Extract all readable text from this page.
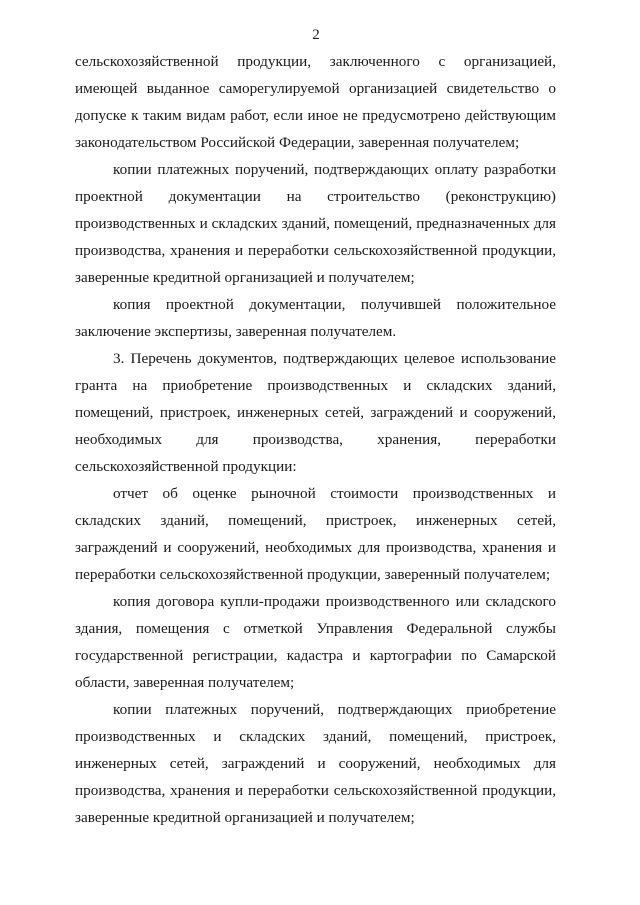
2

сельскохозяйственной продукции, заключенного с организацией, имеющей выданное саморегулируемой организацией свидетельство о допуске к таким видам работ, если иное не предусмотрено действующим законодательством Российской Федерации, заверенная получателем;

копии платежных поручений, подтверждающих оплату разработки проектной документации на строительство (реконструкцию) производственных и складских зданий, помещений, предназначенных для производства, хранения и переработки сельскохозяйственной продукции, заверенные кредитной организацией и получателем;

копия проектной документации, получившей положительное заключение экспертизы, заверенная получателем.

3. Перечень документов, подтверждающих целевое использование гранта на приобретение производственных и складских зданий, помещений, пристроек, инженерных сетей, заграждений и сооружений, необходимых для производства, хранения, переработки сельскохозяйственной продукции:

отчет об оценке рыночной стоимости производственных и складских зданий, помещений, пристроек, инженерных сетей, заграждений и сооружений, необходимых для производства, хранения и переработки сельскохозяйственной продукции, заверенный получателем;

копия договора купли-продажи производственного или складского здания, помещения с отметкой Управления Федеральной службы государственной регистрации, кадастра и картографии по Самарской области, заверенная получателем;

копии платежных поручений, подтверждающих приобретение производственных и складских зданий, помещений, пристроек, инженерных сетей, заграждений и сооружений, необходимых для производства, хранения и переработки сельскохозяйственной продукции, заверенные кредитной организацией и получателем;
